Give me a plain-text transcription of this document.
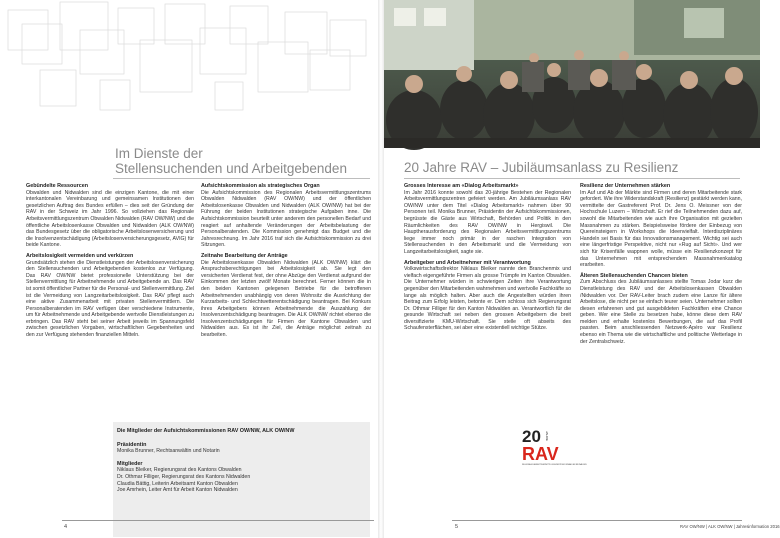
Im Dienste der
Stellensuchenden und Arbeitgebenden
Gebündelte Ressourcen

Obwalden und Nidwalden sind die einzigen Kantone, die mit einer interkantonalen Vereinbarung und gemeinsamen Institutionen den gesetzlichen Auftrag des Bundes erfüllen – dies seit der Gründung der RAV in der Schweiz im Jahr 1996. So vollziehen das Regionale Arbeitsvermittlungszentrum Obwalden Nidwalden (RAV OW/NW) und die öffentliche Arbeitslosenkasse Obwalden und Nidwalden (ALK OW/NW) das Bundesgesetz über die obligatorische Arbeitslosenversicherung und die Insolvenzentschädigung (Arbeitslosenversicherungsgesetz, AVIG) für beide Kantone.

Arbeitslosigkeit vermeiden und verkürzen

Grundsätzlich stehen die Dienstleistungen der Arbeitslosenversicherung den Stellensuchenden und Arbeitgebenden kostenlos zur Verfügung. Das RAV OW/NW bietet professionelle Unterstützung bei der Stellenvermittlung für Arbeitnehmende und Arbeitgebende an. Das RAV ist somit öffentlicher Partner für die Personal- und Stellenvermittlung. Ziel ist die Vermeidung von Langzeitarbeitslosigkeit. Das RAV pflegt auch eine aktive Zusammenarbeit mit privaten Stellenvermittlern. Die Personalberatenden im RAV verfügen über verschiedene Instrumente, um für Arbeitnehmende und Arbeitgebende wertvolle Dienstleistungen zu erbringen. Das RAV steht bei seiner Arbeit jeweils im Spannungsfeld zwischen gesetzlichen Vorgaben, wirtschaftlichen Gegebenheiten und den zur Verfügung stehenden finanziellen Mitteln.

Aufsichtskommission als strategisches Organ

Die Aufsichtskommission des Regionalen Arbeitsvermittlungszentrums Obwalden Nidwalden (RAV OW/NW) und der öffentlichen Arbeitslosenkasse Obwalden und Nidwalden (ALK OW/NW) hat bei der Führung der beiden Institutionen strategische Aufgaben inne. Die Aufsichtskommission beurteilt unter anderem den personellen Bedarf und reagiert auf anhaltende Veränderungen der Arbeitsbelastung der Personalberatenden. Die Kommission genehmigt das Budget und die Jahresrechnung. Im Jahr 2016 traf sich die Aufsichtskommission zu drei Sitzungen.

Zeitnahe Bearbeitung der Anträge

Die Arbeitslosenkasse Obwalden Nidwalden (ALK OW/NW) klärt die Anspruchsberechtigungen bei Arbeitslosigkeit ab. Sie legt den versicherten Verdienst fest, der ohne Abzüge den Verdienst aufgrund der Einkommen der letzten zwölf Monate berechnet. Ferner können die in den beiden Kantonen gelegenen Betriebe für die betroffenen Arbeitnehmenden unabhängig von deren Wohnsitz die Ausrichtung der Kurzarbeits- und Schlechtwetterentschädigung beantragen. Bei Konkurs ihres Arbeitgebers können Arbeitnehmende die Auszahlung der Insolvenzentschädigung beantragen. Die ALK OW/NW richtet ebenso die Insolvenzentschädigungen für Firmen der Kantone Obwalden und Nidwalden aus. Es ist ihr Ziel, die Anträge möglichst zeitnah zu bearbeiten.

Die Mitglieder der Aufsichtskommissionen RAV OW/NW, ALK OW/NW
Präsidentin
Monika Brunner, Rechtsanwältin und Notarin
Mitglieder
Niklaus Bleiker, Regierungsrat des Kantons Obwalden
Dr. Othmar Filliger, Regierungsrat des Kantons Nidwalden
Claudia Bättig, Leiterin Arbeitsamt Kanton Obwalden
Joe Amrhein, Leiter Amt für Arbeit Kanton Nidwalden
4
20 Jahre RAV – Jubiläumsanlass zu Resilienz
Grosses Interesse am «Dialog Arbeitsmarkt»

Im Jahr 2016 konnte sowohl das 20-jährige Bestehen der Regionalen Arbeitsvermittlungszentren gefeiert werden. Am Jubiläumsanlass RAV OW/NW unter dem Titel «Dialog Arbeitsmarkt» nahmen über 90 Personen teil. Monika Brunner, Präsidentin der Aufsichtskommissionen, begrüsste die Gäste aus Wirtschaft, Behörden und Politik in den Räumlichkeiten des RAV OW/NW in Hergiswil. Die Hauptherausforderung des Regionalen Arbeitsvermittlungszentrums liege immer noch primär in der raschen Integration von Stellensuchenden in den Arbeitsmarkt und die Vermeidung von Langzeitarbeitslosigkeit, sagte sie.

Arbeitgeber und Arbeitnehmer mit Verantwortung

Volkswirtschaftsdirektor Niklaus Bleiker nannte den Branchenmix und vielfach eigengeführte Firmen als grosse Trümpfe im Kanton Obwalden. Die Unternehmer würden in schwierigen Zeiten ihre Verantwortung gegenüber den Mitarbeitenden wahrnehmen und wertvolle Fachkräfte so lange als möglich halten. Aber auch die Angestellten würden ihren Beitrag zum Erfolg leisten, betonte er. Dem schloss sich Regierungsrat Dr. Othmar Filliger für den Kanton Nidwalden an. Verantwortlich für die gesunde Wirtschaft sei neben den grossen Arbeitgebern die breit diversifizierte KMU-Wirtschaft. Sie stelle oft abseits des Schaufensterflächen, sei aber eine existentiell wichtige Stütze.

Resilienz der Unternehmen stärken

Im Auf und Ab der Märkte sind Firmen und deren Mitarbeitende stark gefordert. Wie ihre Widerstandskraft (Resilienz) gestärkt werden kann, vermittelte der Gastreferent Prof. Dr. Jens O. Meissner von der Hochschule Luzern – Wirtschaft. Er rief die Teilnehmenden dazu auf, sowohl die Mitarbeitenden wie auch ihre Organisation mit gezielten Massnahmen zu stärken. Beispielsweise fördere der Einbezug von Quereinsteigern in Workshops die Ideenvielfalt. Interdisziplinäres Handeln sei Basis für das Innovationsmanagement. Wichtig sei auch eine längerfristige Perspektive, nicht nur «Rug auf Sicht». Und wer sich für Krisenfälle wappnen wolle, müsse ein Resilienzkonzept für das Unternehmen mit entsprechendem Massnahmenkatalog erarbeiten.

Älteren Stellensuchenden Chancen bieten

Zum Abschluss des Jubiläumsanlasses stellte Tomas Jodar kurz die Dienstleistung des RAV und der Arbeitslosenkassen Obwalden /Nidwalden vor. Der RAV-Leiter brach zudem eine Lanze für ältere Arbeitslose, die nicht per se einfach teurer seien. Unternehmer sollten diesen erfahrenen und gut ausgebildeten Fachkräften eine Chance geben. Wer eine Stelle zu besetzen habe, könne diese dem RAV melden und erhalte kostenlos Bewerbungen, die auf das Profil passten. Beim anschliessenden Netzwerk-Apéro war Resilienz ebenso ein Thema wie die wirtschaftliche und politische Wetterlage in der Zentralschweiz.

20 JAHRE
RAV
REGIONALES ARBEITSVERMITTLUNGSZENTRUM OBWALDEN NIDWALDEN
5	RAV OW/NW | ALK OW/NW | Jahresinformation 2016
